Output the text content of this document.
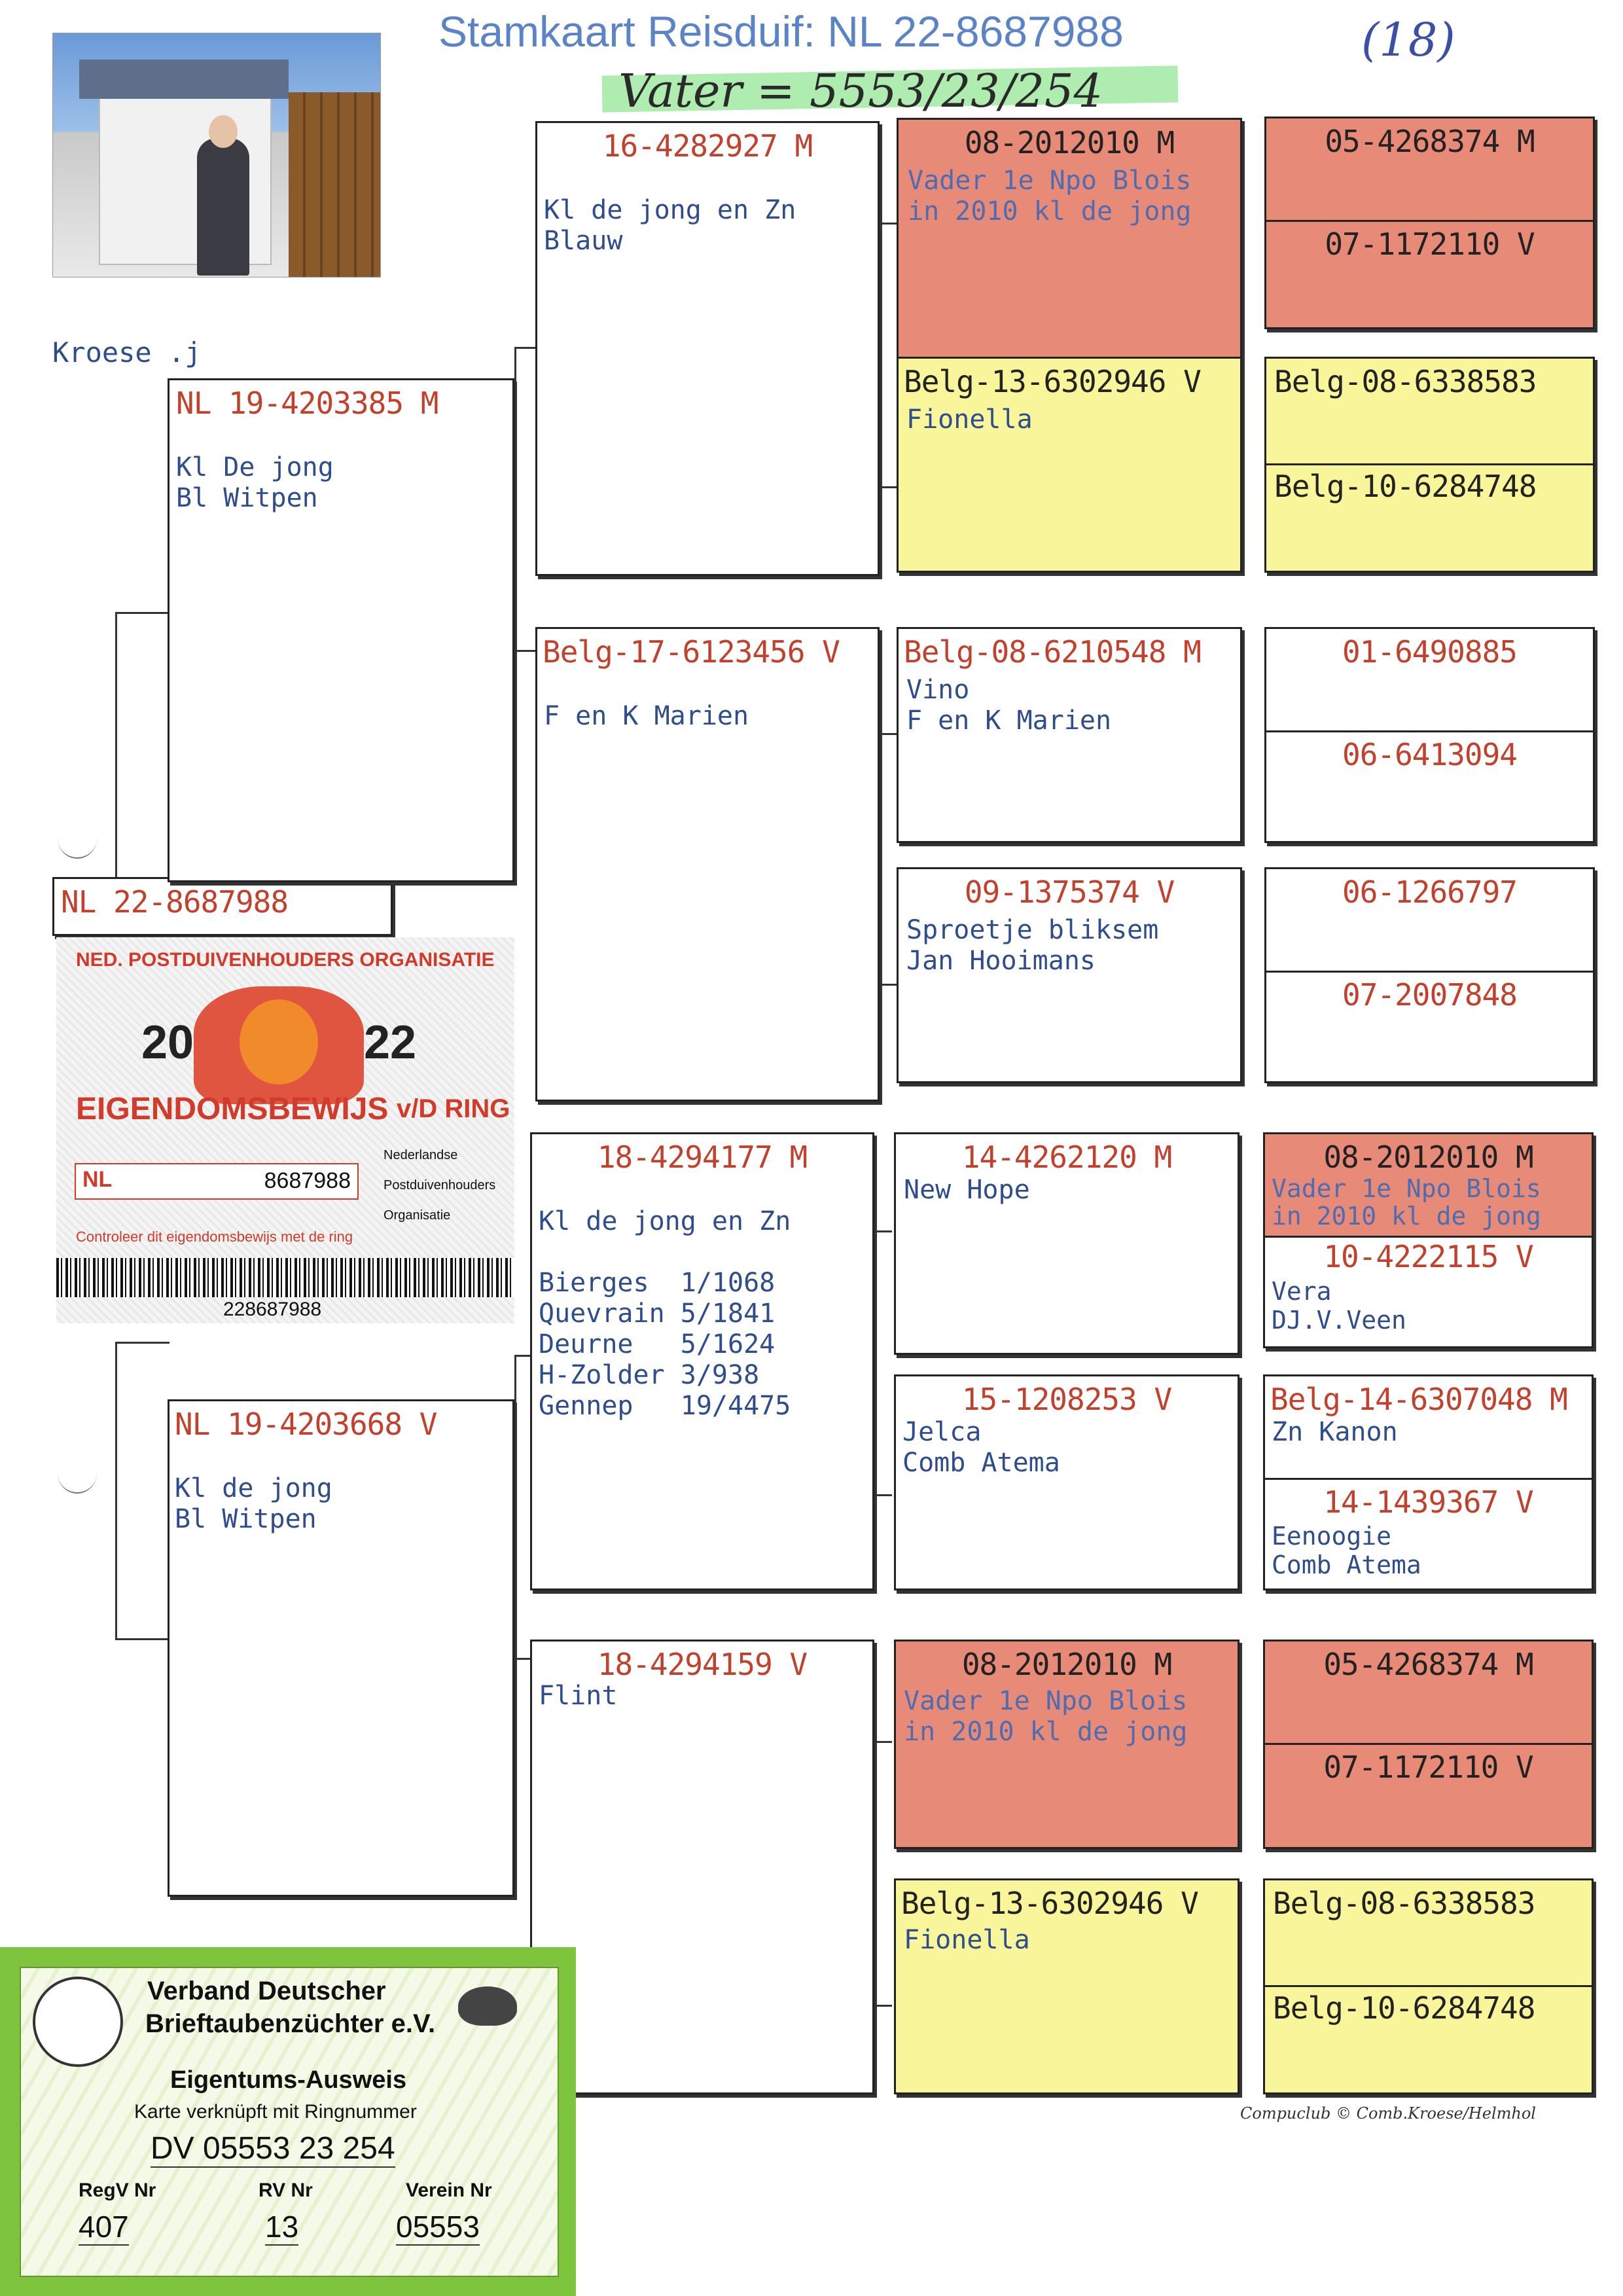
Stamkaart Reisduif: NL 22-8687988
Vater = 5553/23/254
(18)
Kroese .j
NL 22-8687988
NED. POSTDUIVENHOUDERS ORGANISATIE
20	22
EIGENDOMSBEWIJS v/D RING
NL	8687988
Nederlandse
Postduivenhouders
Organisatie
Controleer dit eigendomsbewijs met de ring
228687988
NL 19-4203385 M
Kl De jong
Bl Witpen
NL 19-4203668 V
Kl de jong
Bl Witpen
16-4282927 M
Kl de jong en Zn
Blauw
Belg-17-6123456 V
F en K Marien
18-4294177 M
Kl de jong en Zn

Bierges  1/1068
Quevrain 5/1841
Deurne   5/1624
H-Zolder 3/938
Gennep   19/4475
18-4294159 V
Flint
08-2012010 M
Vader 1e Npo Blois
in 2010 kl de jong
Belg-13-6302946 V
Fionella
Belg-08-6210548 M
Vino
F en K Marien
09-1375374 V
Sproetje bliksem
Jan Hooimans
14-4262120 M
New Hope
15-1208253 V
Jelca
Comb Atema
08-2012010 M
Vader 1e Npo Blois
in 2010 kl de jong
Belg-13-6302946 V
Fionella
05-4268374 M
07-1172110 V
Belg-08-6338583
Belg-10-6284748
01-6490885
06-6413094
06-1266797
07-2007848
08-2012010 M
Vader 1e Npo Blois
in 2010 kl de jong
10-4222115 V
Vera
DJ.V.Veen
Belg-14-6307048 M
Zn Kanon
14-1439367 V
Eenoogie
Comb Atema
05-4268374 M
07-1172110 V
Belg-08-6338583
Belg-10-6284748
Compuclub © Comb.Kroese/Helmhol
Verband Deutscher
Brieftaubenzüchter e.V.
Eigentums-Ausweis
Karte verknüpft mit Ringnummer
DV 05553 23 254
RegV Nr	RV Nr	Verein Nr
407	13	05553
